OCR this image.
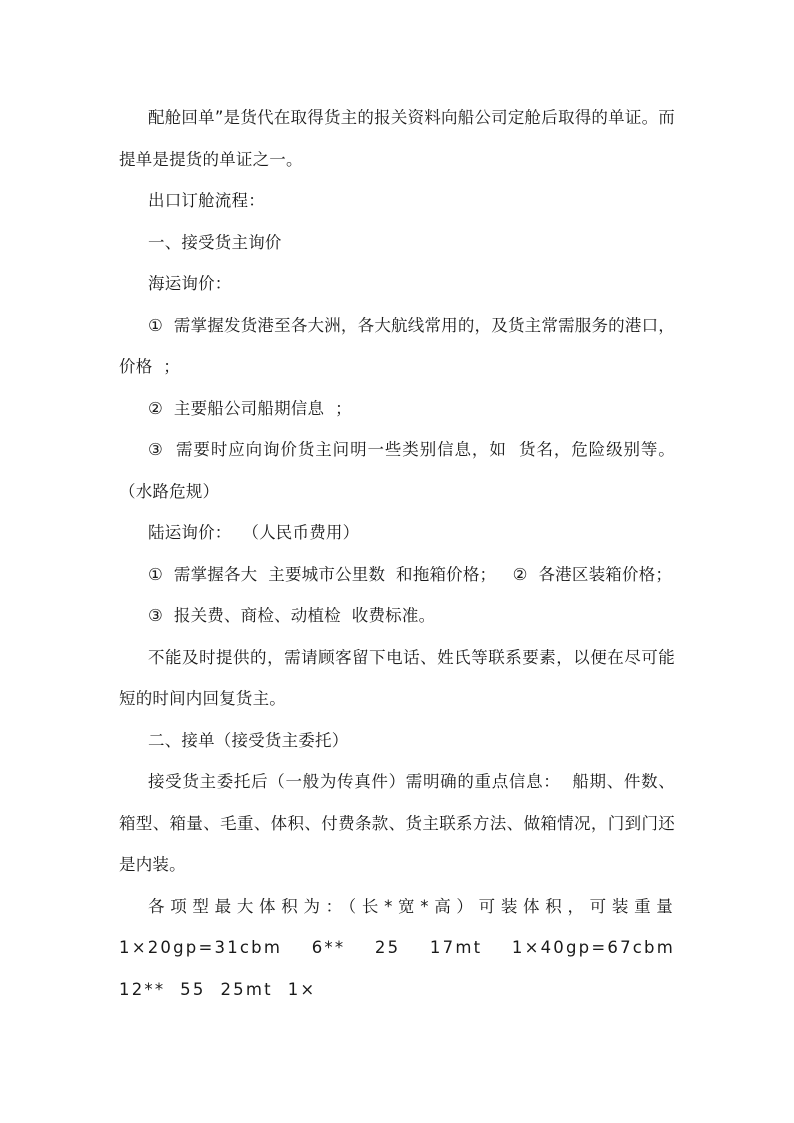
配舱回单”是货代在取得货主的报关资料向船公司定舱后取得的单证。而提单是提货的单证之一。

出口订舱流程：

一、接受货主询价

海运询价：

①  需掌握发货港至各大洲，各大航线常用的，及货主常需服务的港口，价格  ；

②  主要船公司船期信息  ；

③  需要时应向询价货主问明一些类别信息，如  货名，危险级别等。（水路危规）

陆运询价：  （人民币费用）

①  需掌握各大  主要城市公里数  和拖箱价格；   ②  各港区装箱价格；

③  报关费、商检、动植检  收费标准。

不能及时提供的，需请顾客留下电话、姓氏等联系要素，以便在尽可能短的时间内回复货主。

二、接单（接受货主委托）

接受货主委托后（一般为传真件）需明确的重点信息：  船期、件数、箱型、箱量、毛重、体积、付费条款、货主联系方法、做箱情况，门到门还是内装。

各项型最大体积为：（长*宽*高）可装体积，可装重量  1×20gp=31cbm  6**  25  17mt  1×40gp=67cbm  12**  55  25mt  1×
